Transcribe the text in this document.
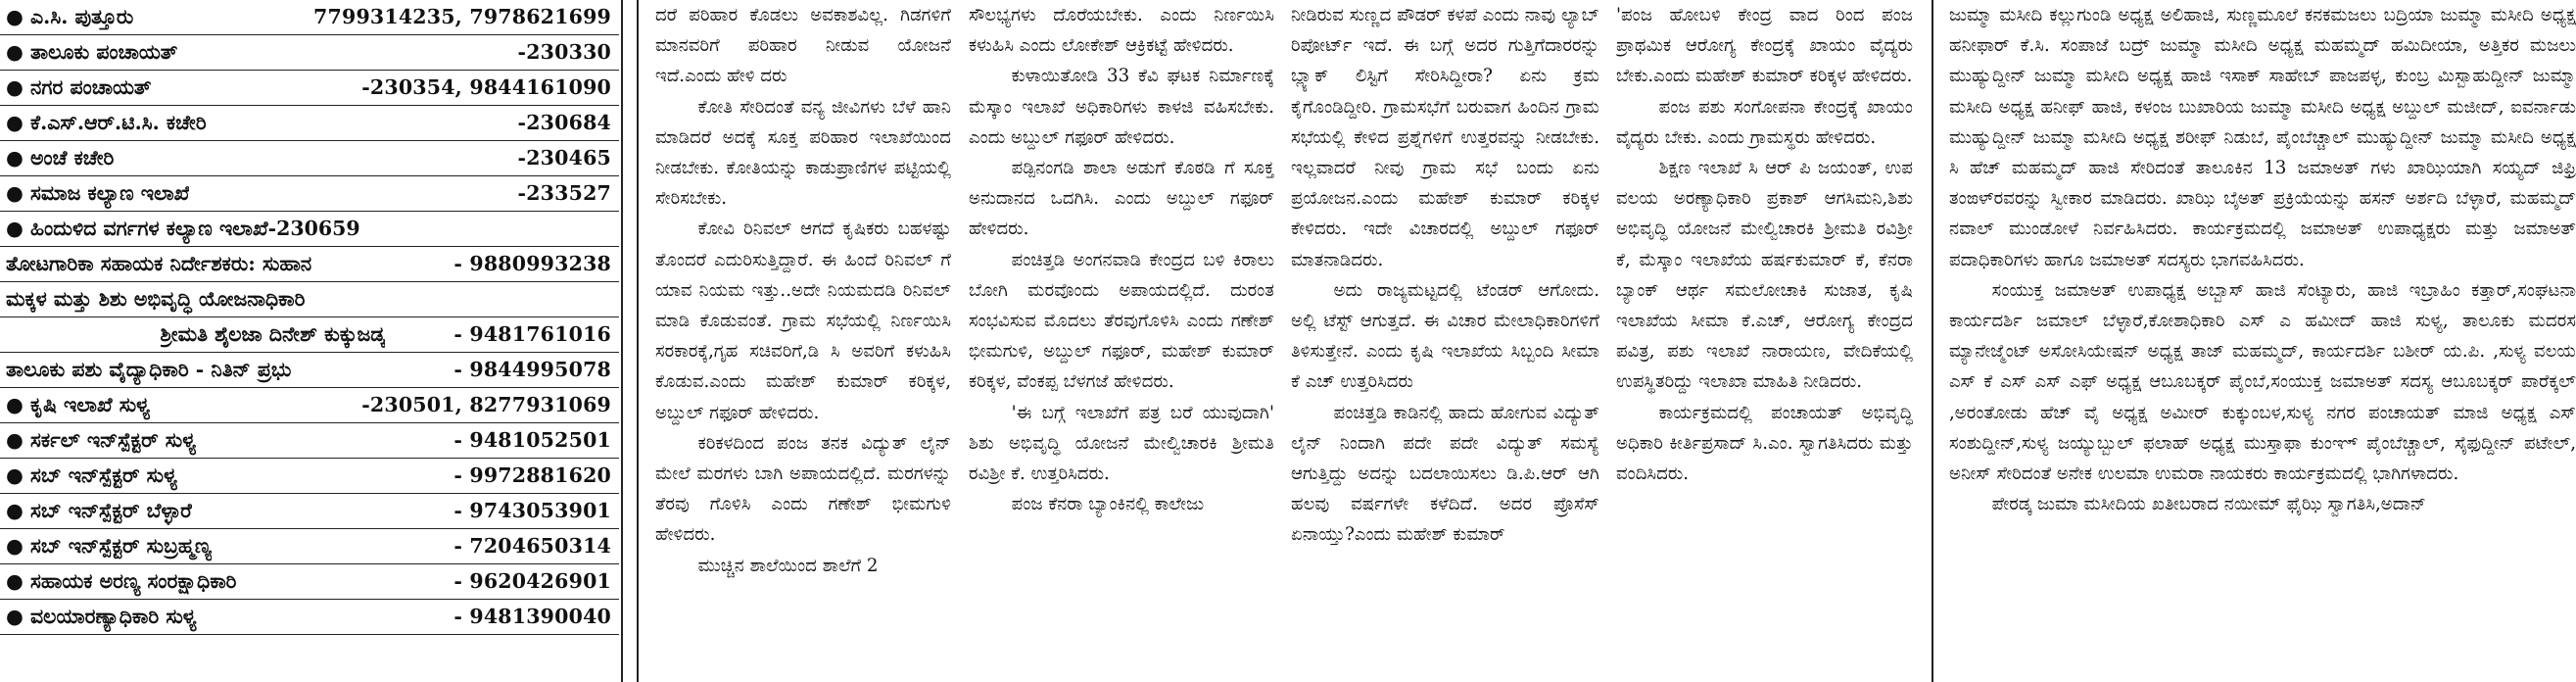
● ಎ.ಸಿ. ಪುತ್ತೂರು	7799314235, 7978621699
● ತಾಲೂಕು ಪಂಚಾಯತ್	-230330
● ನಗರ ಪಂಚಾಯತ್	-230354, 9844161090
● ಕೆ.ಎಸ್.ಆರ್.ಟಿ.ಸಿ. ಕಚೇರಿ	-230684
● ಅಂಚೆ ಕಚೇರಿ	-230465
● ಸಮಾಜ ಕಲ್ಯಾಣ ಇಲಾಖೆ	-233527
● ಹಿಂದುಳಿದ ವರ್ಗಗಳ ಕಲ್ಯಾಣ ಇಲಾಖೆ-230659
ತೋಟಗಾರಿಕಾ ಸಹಾಯಕ ನಿರ್ದೇಶಕರು: ಸುಹಾನ	- 9880993238
ಮಕ್ಕಳ ಮತ್ತು ಶಿಶು ಅಭಿವೃದ್ಧಿ ಯೋಜನಾಧಿಕಾರಿ
ಶ್ರೀಮತಿ ಶೈಲಜಾ ದಿನೇಶ್ ಕುಕ್ಕುಜಡ್ಕ	- 9481761016
ತಾಲೂಕು ಪಶು ವೈದ್ಯಾಧಿಕಾರಿ - ನಿತಿನ್ ಪ್ರಭು	- 9844995078
● ಕೃಷಿ ಇಲಾಖೆ ಸುಳ್ಯ	-230501, 8277931069
● ಸರ್ಕಲ್ ಇನ್‌ಸ್ಪೆಕ್ಟರ್ ಸುಳ್ಯ	- 9481052501
● ಸಬ್ ಇನ್‌ಸ್ಪೆಕ್ಟರ್ ಸುಳ್ಯ	- 9972881620
● ಸಬ್ ಇನ್‌ಸ್ಪೆಕ್ಟರ್ ಬೆಳ್ಳಾರೆ	- 9743053901
● ಸಬ್ ಇನ್‌ಸ್ಪೆಕ್ಟರ್ ಸುಬ್ರಹ್ಮಣ್ಯ	- 7204650314
● ಸಹಾಯಕ ಅರಣ್ಯ ಸಂರಕ್ಷಾಧಿಕಾರಿ	- 9620426901
● ವಲಯಾರಣ್ಯಾಧಿಕಾರಿ ಸುಳ್ಯ	- 9481390040

ದರೆ ಪರಿಹಾರ ಕೊಡಲು ಅವಕಾಶವಿಲ್ಲ. ಗಿಡಗಳಿಗೆ ಮಾನವರಿಗೆ ಪರಿಹಾರ ನೀಡುವ ಯೋಜನೆ ಇದೆ.ಎಂದು ಹೇಳಿ ದರು

ಕೋತಿ ಸೇರಿದಂತೆ ವನ್ಯ ಜೀವಿಗಳು ಬೆಳೆ ಹಾನಿ ಮಾಡಿದರೆ ಅದಕ್ಕೆ ಸೂಕ್ತ ಪರಿಹಾರ ಇಲಾಖೆಯಿಂದ ನೀಡಬೇಕು. ಕೋತಿಯನ್ನು ಕಾಡುಪ್ರಾಣಿಗಳ ಪಟ್ಟಿಯಲ್ಲಿ ಸೇರಿಸಬೇಕು.

ಕೋವಿ ರಿನಿವಲ್ ಆಗದೆ ಕೃಷಿಕರು ಬಹಳಷ್ಟು ತೊಂದರೆ ಎದುರಿಸುತ್ತಿದ್ದಾರೆ. ಈ ಹಿಂದೆ ರಿನಿವಲ್ ಗೆ ಯಾವ ನಿಯಮ ಇತ್ತು..ಅದೇ ನಿಯಮದಡಿ ರಿನಿವಲ್ ಮಾಡಿ ಕೊಡುವಂತೆ. ಗ್ರಾಮ ಸಭೆಯಲ್ಲಿ ನಿರ್ಣಯಿಸಿ ಸರಕಾರಕ್ಕೆ,ಗೃಹ ಸಚಿವರಿಗೆ,ಡಿ ಸಿ ಅವರಿಗೆ ಕಳುಹಿಸಿ ಕೊಡುವ.ಎಂದು ಮಹೇಶ್ ಕುಮಾರ್ ಕರಿಕ್ಕಳ, ಅಬ್ದುಲ್ ಗಫೂರ್ ಹೇಳಿದರು.

ಕರಿಕಳದಿಂದ ಪಂಜ ತನಕ ವಿದ್ಯುತ್ ಲೈನ್ ಮೇಲೆ ಮರಗಳು ಬಾಗಿ ಅಪಾಯದಲ್ಲಿದೆ. ಮರಗಳನ್ನು ತೆರವು ಗೊಳಿಸಿ ಎಂದು ಗಣೇಶ್ ಭೀಮಗುಳಿ ಹೇಳಿದರು.

ಮುಚ್ಚಿನ ಶಾಲೆಯಿಂದ ಶಾಲೆಗೆ 2

ಸೌಲಭ್ಯಗಳು ದೊರೆಯಬೇಕು. ಎಂದು ನಿರ್ಣಯಿಸಿ ಕಳುಹಿಸಿ ಎಂದು ಲೋಕೇಶ್ ಆಕ್ರಿಕಟ್ಟೆ ಹೇಳಿದರು.

ಕುಳಾಯಿತೋಡಿ 33 ಕೆವಿ ಘಟಕ ನಿರ್ಮಾಣಕ್ಕೆ ಮೆಸ್ಕಾಂ ಇಲಾಖೆ ಅಧಿಕಾರಿಗಳು ಕಾಳಜಿ ವಹಿಸಬೇಕು. ಎಂದು ಅಬ್ದುಲ್ ಗಫೂರ್ ಹೇಳಿದರು.

ಪಡ್ಪಿನಂಗಡಿ ಶಾಲಾ ಅಡುಗೆ ಕೊಠಡಿ ಗೆ ಸೂಕ್ತ ಅನುದಾನದ ಒದಗಿಸಿ. ಎಂದು ಅಬ್ದುಲ್ ಗಫೂರ್ ಹೇಳಿದರು.

ಪಂಚಿತ್ತಡಿ ಅಂಗನವಾಡಿ ಕೇಂದ್ರದ ಬಳಿ ಕಿರಾಲು ಬೋಗಿ ಮರವೊಂದು ಅಪಾಯದಲ್ಲಿದೆ. ದುರಂತ ಸಂಭವಿಸುವ ಮೊದಲು ತೆರವುಗೊಳಿಸಿ ಎಂದು ಗಣೇಶ್ ಭೀಮಗುಳಿ, ಅಬ್ದುಲ್ ಗಫೂರ್, ಮಹೇಶ್ ಕುಮಾರ್ ಕರಿಕ್ಕಳ, ವೆಂಕಪ್ಪ ಬೆಳಗಜೆ ಹೇಳಿದರು.

'ಈ ಬಗ್ಗೆ ಇಲಾಖೆಗೆ ಪತ್ರ ಬರೆ ಯುವುದಾಗಿ' ಶಿಶು ಅಭಿವೃದ್ಧಿ ಯೋಜನೆ ಮೇಲ್ವಿಚಾರಕಿ ಶ್ರೀಮತಿ ರವಿಶ್ರೀ ಕೆ. ಉತ್ತರಿಸಿದರು.

ಪಂಜ ಕೆನರಾ ಬ್ಯಾಂಕಿನಲ್ಲಿ ಕಾಲೇಜು

ನೀಡಿರುವ ಸುಣ್ಣದ ಪೌಡರ್ ಕಳಪೆ ಎಂದು ನಾವು ಲ್ಯಾಬ್ ರಿಪೋರ್ಟ್ ಇದೆ. ಈ ಬಗ್ಗೆ ಅದರ ಗುತ್ತಿಗೆದಾರರನ್ನು ಬ್ಲ್ಯಾಕ್ ಲಿಸ್ಟಿಗೆ ಸೇರಿಸಿದ್ದೀರಾ? ಏನು ಕ್ರಮ ಕೈಗೊಂಡಿದ್ದೀರಿ. ಗ್ರಾಮಸಭೆಗೆ ಬರುವಾಗ ಹಿಂದಿನ ಗ್ರಾಮ ಸಭೆಯಲ್ಲಿ ಕೇಳಿದ ಪ್ರಶ್ನೆಗಳಿಗೆ ಉತ್ತರವನ್ನು ನೀಡಬೇಕು. ಇಲ್ಲವಾದರೆ ನೀವು ಗ್ರಾಮ ಸಭೆ ಬಂದು ಏನು ಪ್ರಯೋಜನ.ಎಂದು ಮಹೇಶ್ ಕುಮಾರ್ ಕರಿಕ್ಕಳ ಕೇಳಿದರು. ಇದೇ ವಿಚಾರದಲ್ಲಿ ಅಬ್ದುಲ್ ಗಫೂರ್ ಮಾತನಾಡಿದರು.

ಅದು ರಾಜ್ಯಮಟ್ಟದಲ್ಲಿ ಟೆಂಡರ್ ಆಗೋದು. ಅಲ್ಲಿ ಟೆಸ್ಟ್ ಆಗುತ್ತದೆ. ಈ ವಿಚಾರ ಮೇಲಾಧಿಕಾರಿಗಳಿಗೆ ತಿಳಿಸುತ್ತೇನೆ. ಎಂದು ಕೃಷಿ ಇಲಾಖೆಯ ಸಿಬ್ಬಂದಿ ಸೀಮಾ ಕೆ ಎಚ್ ಉತ್ತರಿಸಿದರು

ಪಂಚಿತ್ತಡಿ ಕಾಡಿನಲ್ಲಿ ಹಾದು ಹೋಗುವ ವಿದ್ಯುತ್ ಲೈನ್ ನಿಂದಾಗಿ ಪದೇ ಪದೇ ವಿದ್ಯುತ್ ಸಮಸ್ಯೆ ಆಗುತ್ತಿದ್ದು ಅದನ್ನು ಬದಲಾಯಿಸಲು ಡಿ.ಪಿ.ಆರ್ ಆಗಿ ಹಲವು ವರ್ಷಗಳೇ ಕಳೆದಿದೆ. ಅದರ ಪ್ರೊಸೆಸ್ ಏನಾಯ್ತು?ಎಂದು ಮಹೇಶ್ ಕುಮಾರ್

'ಪಂಜ ಹೋಬಳಿ ಕೇಂದ್ರ ವಾದ ರಿಂದ ಪಂಜ ಪ್ರಾಥಮಿಕ ಆರೋಗ್ಯ ಕೇಂದ್ರಕ್ಕೆ ಖಾಯಂ ವೈದ್ಯರು ಬೇಕು.ಎಂದು ಮಹೇಶ್ ಕುಮಾರ್ ಕರಿಕ್ಕಳ ಹೇಳಿದರು.

ಪಂಜ ಪಶು ಸಂಗೋಪನಾ ಕೇಂದ್ರಕ್ಕೆ ಖಾಯಂ ವೈದ್ಯರು ಬೇಕು. ಎಂದು ಗ್ರಾಮಸ್ಥರು ಹೇಳಿದರು.

ಶಿಕ್ಷಣ ಇಲಾಖೆ ಸಿ ಆರ್ ಪಿ ಜಯಂತ್, ಉಪ ವಲಯ ಅರಣ್ಯಾಧಿಕಾರಿ ಪ್ರಕಾಶ್ ಆಗಸಿಮನಿ,ಶಿಶು ಅಭಿವೃದ್ಧಿ ಯೋಜನೆ ಮೇಲ್ವಿಚಾರಕಿ ಶ್ರೀಮತಿ ರವಿಶ್ರೀ ಕೆ, ಮೆಸ್ಕಾಂ ಇಲಾಖೆಯ ಹರ್ಷಕುಮಾರ್ ಕೆ, ಕೆನರಾ ಬ್ಯಾಂಕ್ ಆರ್ಥ ಸಮಲೋಚಾಕಿ ಸುಜಾತ, ಕೃಷಿ ಇಲಾಖೆಯ ಸೀಮಾ ಕೆ.ಎಚ್, ಆರೋಗ್ಯ ಕೇಂದ್ರದ ಪವಿತ್ರ, ಪಶು ಇಲಾಖೆ ನಾರಾಯಣ, ವೇದಿಕೆಯಲ್ಲಿ ಉಪಸ್ಥಿತರಿದ್ದು ಇಲಾಖಾ ಮಾಹಿತಿ ನೀಡಿದರು.

ಕಾರ್ಯಕ್ರಮದಲ್ಲಿ ಪಂಚಾಯತ್ ಅಭಿವೃದ್ಧಿ ಅಧಿಕಾರಿ ಕೀರ್ತಿಪ್ರಸಾದ್ ಸಿ.ಎಂ. ಸ್ವಾಗತಿಸಿದರು ಮತ್ತು ವಂದಿಸಿದರು.

ಜುಮ್ಮಾ ಮಸೀದಿ ಕಲ್ಲುಗುಂಡಿ ಅಧ್ಯಕ್ಷ ಅಲಿಹಾಜಿ, ಸುಣ್ಣಮೂಲೆ ಕನಕಮಜಲು ಬದ್ರಿಯಾ ಜುಮ್ಮಾ ಮಸೀದಿ ಅಧ್ಯಕ್ಷ ಹನೀಫಾರ್ ಕೆ.ಸಿ. ಸಂಪಾಜೆ ಬದ್ರ್ ಜುಮ್ಮಾ ಮಸೀದಿ ಅಧ್ಯಕ್ಷ ಮಹಮ್ಮದ್ ಹಮಿದೀಯಾ, ಅತ್ತಿಕರ ಮಜಲು ಮುಹ್ಯುದ್ದೀನ್ ಜುಮ್ಮಾ ಮಸೀದಿ ಅಧ್ಯಕ್ಷ ಹಾಜಿ ಇಸಾಕ್ ಸಾಹೇಬ್ ಪಾಜಪಳ್ಳ, ಕುಂಬ್ರ ಮಿಸ್ಬಾಹುದ್ದೀನ್ ಜುಮ್ಮಾ ಮಸೀದಿ ಅಧ್ಯಕ್ಷ ಹನೀಫ್ ಹಾಜಿ, ಕಳಂಜ ಬುಖಾರಿಯ ಜುಮ್ಮಾ ಮಸೀದಿ ಅಧ್ಯಕ್ಷ ಅಬ್ದುಲ್ ಮಜೀದ್, ಐವರ್ನಾಡು ಮುಹ್ಯುದ್ದೀನ್ ಜುಮ್ಮಾ ಮಸೀದಿ ಅಧ್ಯಕ್ಷ ಶರೀಫ್ ನಿಡುಬೆ, ಪೈಂಬೆಚ್ಚಾಲ್ ಮುಹ್ಯುದ್ದೀನ್ ಜುಮ್ಮಾ ಮಸೀದಿ ಅಧ್ಯಕ್ಷ ಸಿ ಹೆಚ್ ಮಹಮ್ಮದ್ ಹಾಜಿ ಸೇರಿದಂತೆ ತಾಲೂಕಿನ 13 ಜಮಾಅತ್ ಗಳು ಖಾಝಿಯಾಗಿ ಸಯ್ಯದ್ ಜಿಫ್ರಿ ತಂಙಳ್‌ರವರನ್ನು ಸ್ವೀಕಾರ ಮಾಡಿದರು. ಖಾಝಿ ಬೈಅತ್ ಪ್ರಕ್ರಿಯೆಯನ್ನು ಹಸನ್ ಅರ್ಶದಿ ಬೆಳ್ಳಾರೆ, ಮಹಮ್ಮದ್ ನವಾಲ್ ಮುಂಡೋಳೆ ನಿರ್ವಹಿಸಿದರು. ಕಾರ್ಯಕ್ರಮದಲ್ಲಿ ಜಮಾಅತ್ ಉಪಾಧ್ಯಕ್ಷರು ಮತ್ತು ಜಮಾಅತ್ ಪದಾಧಿಕಾರಿಗಳು ಹಾಗೂ ಜಮಾಅತ್ ಸದಸ್ಯರು ಭಾಗವಹಿಸಿದರು.

ಸಂಯುಕ್ತ ಜಮಾಅತ್ ಉಪಾಧ್ಯಕ್ಷ ಅಬ್ಬಾಸ್ ಹಾಜಿ ಸೆಂಟ್ಯಾರು, ಹಾಜಿ ಇಬ್ರಾಹಿಂ ಕತ್ತಾರ್,ಸಂಘಟನಾ ಕಾರ್ಯದರ್ಶಿ ಜಮಾಲ್ ಬೆಳ್ಳಾರೆ,ಕೋಶಾಧಿಕಾರಿ ಎಸ್ ಎ ಹಮೀದ್ ಹಾಜಿ ಸುಳ್ಯ, ತಾಲೂಕು ಮದರಸ ಮ್ಯಾನೇಜ್ಮೆಂಟ್ ಅಸೋಸಿಯೇಷನ್ ಅಧ್ಯಕ್ಷ ತಾಜ್ ಮಹಮ್ಮದ್, ಕಾರ್ಯದರ್ಶಿ ಬಶೀರ್ ಯ.ಪಿ. ,ಸುಳ್ಯ ವಲಯ ಎಸ್ ಕೆ ಎಸ್ ಎಸ್ ಎಫ್ ಅಧ್ಯಕ್ಷ ಆಬೂಬಕ್ಕರ್ ಪೈಂಬೆ,ಸಂಯುಕ್ತ ಜಮಾಅತ್ ಸದಸ್ಯ ಆಬೂಬಕ್ಕರ್ ಪಾರೆಕ್ಕಲ್ ,ಅರಂತೋಡು ಹೆಚ್ ವೈ ಅಧ್ಯಕ್ಷ ಅಮೀರ್ ಕುಕ್ಕುಂಬಳ,ಸುಳ್ಯ ನಗರ ಪಂಚಾಯತ್ ಮಾಜಿ ಅಧ್ಯಕ್ಷ ಎಸ್ ಸಂಶುದ್ದೀನ್,ಸುಳ್ಯ ಜಯ್ಯುಬ್ಬುಲ್ ಫಲಾಹ್ ಅಧ್ಯಕ್ಷ ಮುಸ್ತಾಫಾ ಕುಂಞ್ ಪೈಂಬೆಚ್ಚಾಲ್, ಸೈಫುದ್ದೀನ್ ಪಟೇಲ್, ಅನೀಸ್ ಸೇರಿದಂತೆ ಅನೇಕ ಉಲಮಾ ಉಮರಾ ನಾಯಕರು ಕಾರ್ಯಕ್ರಮದಲ್ಲಿ ಭಾಗಿಗಳಾದರು.

ಪೇರಡ್ಕ ಜುಮಾ ಮಸೀದಿಯ ಖತೀಬರಾದ ನಯೀಮ್ ಫೈಝಿ ಸ್ವಾಗತಿಸಿ,ಅದಾನ್
